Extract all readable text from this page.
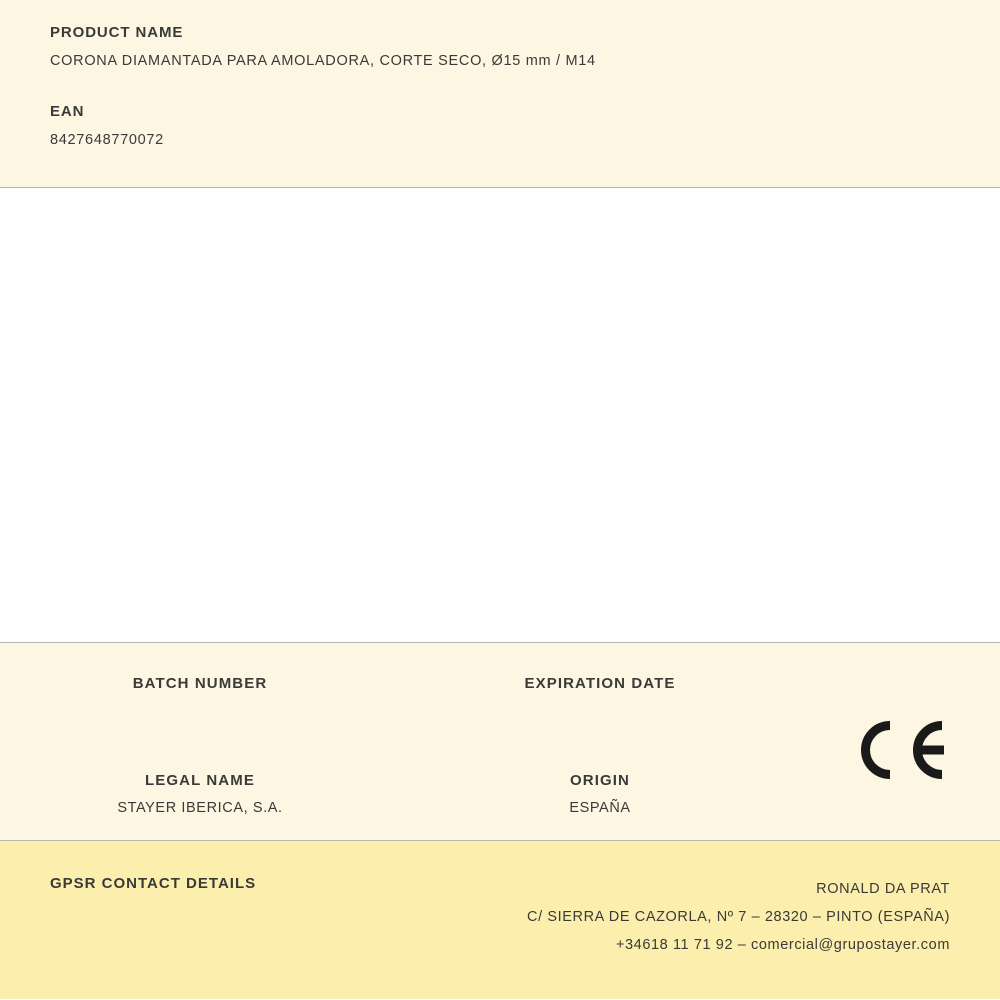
PRODUCT NAME
CORONA DIAMANTADA PARA AMOLADORA, CORTE SECO, Ø15 mm / M14
EAN
8427648770072
BATCH NUMBER	EXPIRATION DATE
LEGAL NAME
STAYER IBERICA, S.A.
ORIGIN
ESPAÑA
GPSR CONTACT DETAILS	RONALD DA PRAT
C/ SIERRA DE CAZORLA, Nº 7 – 28320 – PINTO (ESPAÑA)
+34618 11 71 92 – comercial@grupostayer.com
